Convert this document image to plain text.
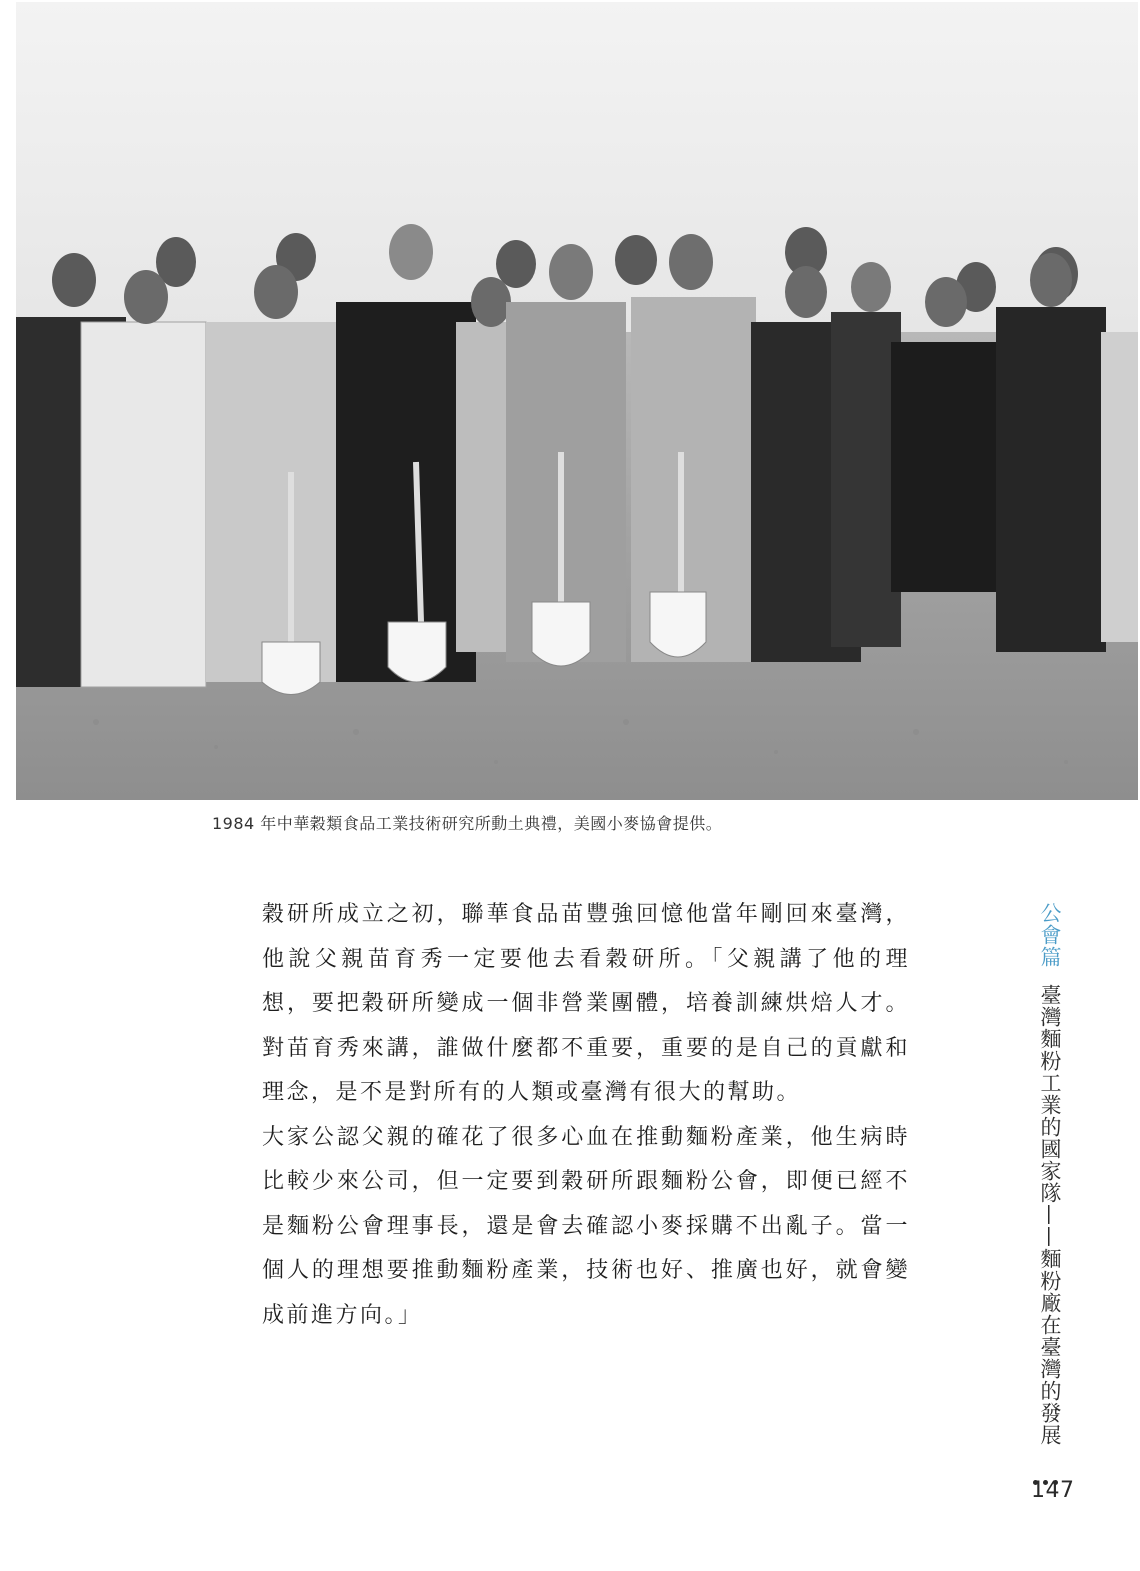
1984 年中華穀類食品工業技術研究所動土典禮，美國小麥協會提供。

穀研所成立之初，聯華食品苗豐強回憶他當年剛回來臺灣，他說父親苗育秀一定要他去看穀研所。「父親講了他的理想，要把穀研所變成一個非營業團體，培養訓練烘焙人才。對苗育秀來講，誰做什麼都不重要，重要的是自己的貢獻和理念，是不是對所有的人類或臺灣有很大的幫助。

大家公認父親的確花了很多心血在推動麵粉產業，他生病時比較少來公司，但一定要到穀研所跟麵粉公會，即便已經不是麵粉公會理事長，還是會去確認小麥採購不出亂子。當一個人的理想要推動麵粉產業，技術也好、推廣也好，就會變成前進方向。」

公會篇 臺灣麵粉工業的國家隊——麵粉廠在臺灣的發展
147
